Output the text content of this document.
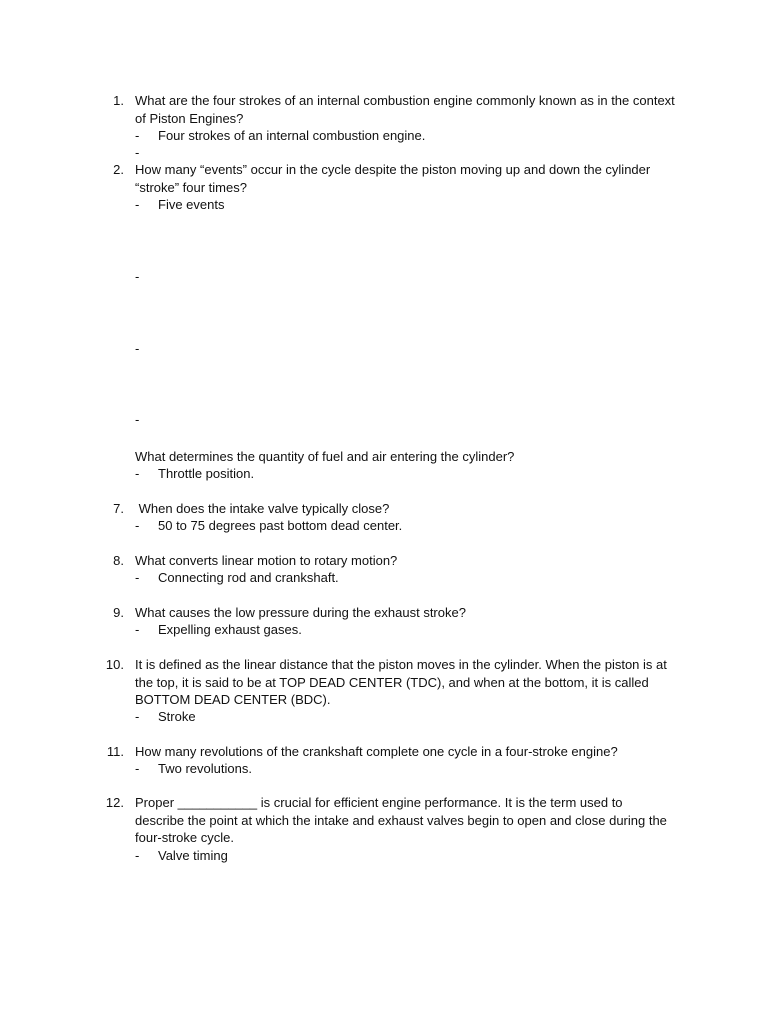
1. What are the four strokes of an internal combustion engine commonly known as in the context of Piston Engines?
- Four strokes of an internal combustion engine.
-
2. How many “events” occur in the cycle despite the piston moving up and down the cylinder “stroke” four times?
- Five events
-
-
-
What determines the quantity of fuel and air entering the cylinder?
- Throttle position.
7. When does the intake valve typically close?
- 50 to 75 degrees past bottom dead center.
8. What converts linear motion to rotary motion?
- Connecting rod and crankshaft.
9. What causes the low pressure during the exhaust stroke?
- Expelling exhaust gases.
10. It is defined as the linear distance that the piston moves in the cylinder. When the piston is at the top, it is said to be at TOP DEAD CENTER (TDC), and when at the bottom, it is called BOTTOM DEAD CENTER (BDC).
- Stroke
11. How many revolutions of the crankshaft complete one cycle in a four-stroke engine?
- Two revolutions.
12. Proper ___________ is crucial for efficient engine performance. It is the term used to describe the point at which the intake and exhaust valves begin to open and close during the four-stroke cycle.
- Valve timing
